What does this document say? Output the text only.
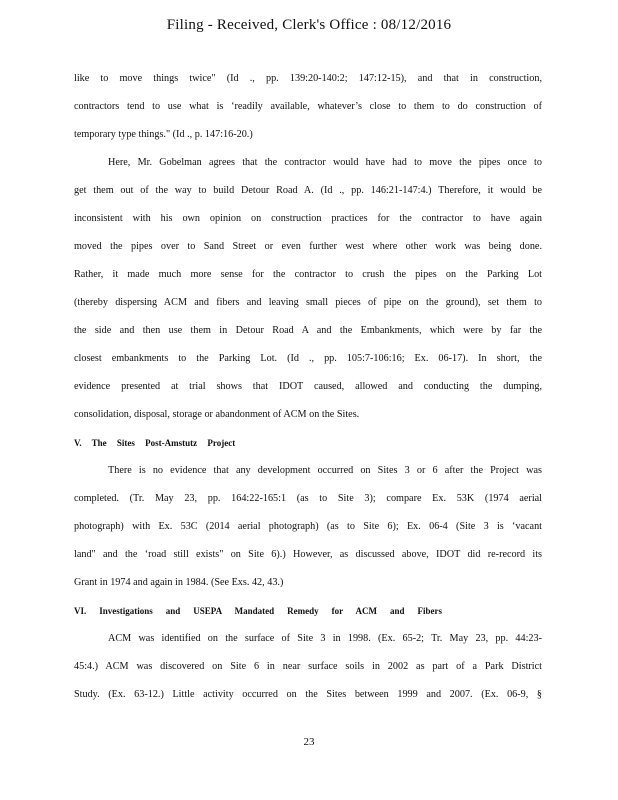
Filing - Received, Clerk's Office : 08/12/2016
like to move things twice" (Id ., pp. 139:20-140:2; 147:12-15), and that in construction,
contractors tend to use what is ‘readily available, whatever’s close to them to do construction of
temporary type things." (Id ., p. 147:16-20.)
Here, Mr. Gobelman agrees that the contractor would have had to move the pipes once to
get them out of the way to build Detour Road A. (Id ., pp. 146:21-147:4.) Therefore, it would be
inconsistent with his own opinion on construction practices for the contractor to have again
moved the pipes over to Sand Street or even further west where other work was being done.
Rather, it made much more sense for the contractor to crush the pipes on the Parking Lot
(thereby dispersing ACM and fibers and leaving small pieces of pipe on the ground), set them to
the side and then use them in Detour Road A and the Embankments, which were by far the
closest embankments to the Parking Lot. (Id ., pp. 105:7-106:16; Ex. 06-17). In short, the
evidence presented at trial shows that IDOT caused, allowed and conducting the dumping,
consolidation, disposal, storage or abandonment of ACM on the Sites.
V. The Sites Post-Amstutz Project
There is no evidence that any development occurred on Sites 3 or 6 after the Project was
completed. (Tr. May 23, pp. 164:22-165:1 (as to Site 3); compare Ex. 53K (1974 aerial
photograph) with Ex. 53C (2014 aerial photograph) (as to Site 6); Ex. 06-4 (Site 3 is ‘vacant
land" and the ‘road still exists" on Site 6).) However, as discussed above, IDOT did re-record its
Grant in 1974 and again in 1984. (See Exs. 42, 43.)
VI. Investigations and USEPA Mandated Remedy for ACM and Fibers
ACM was identified on the surface of Site 3 in 1998. (Ex. 65-2; Tr. May 23, pp. 44:23-
45:4.) ACM was discovered on Site 6 in near surface soils in 2002 as part of a Park District
Study. (Ex. 63-12.) Little activity occurred on the Sites between 1999 and 2007. (Ex. 06-9, §
23
